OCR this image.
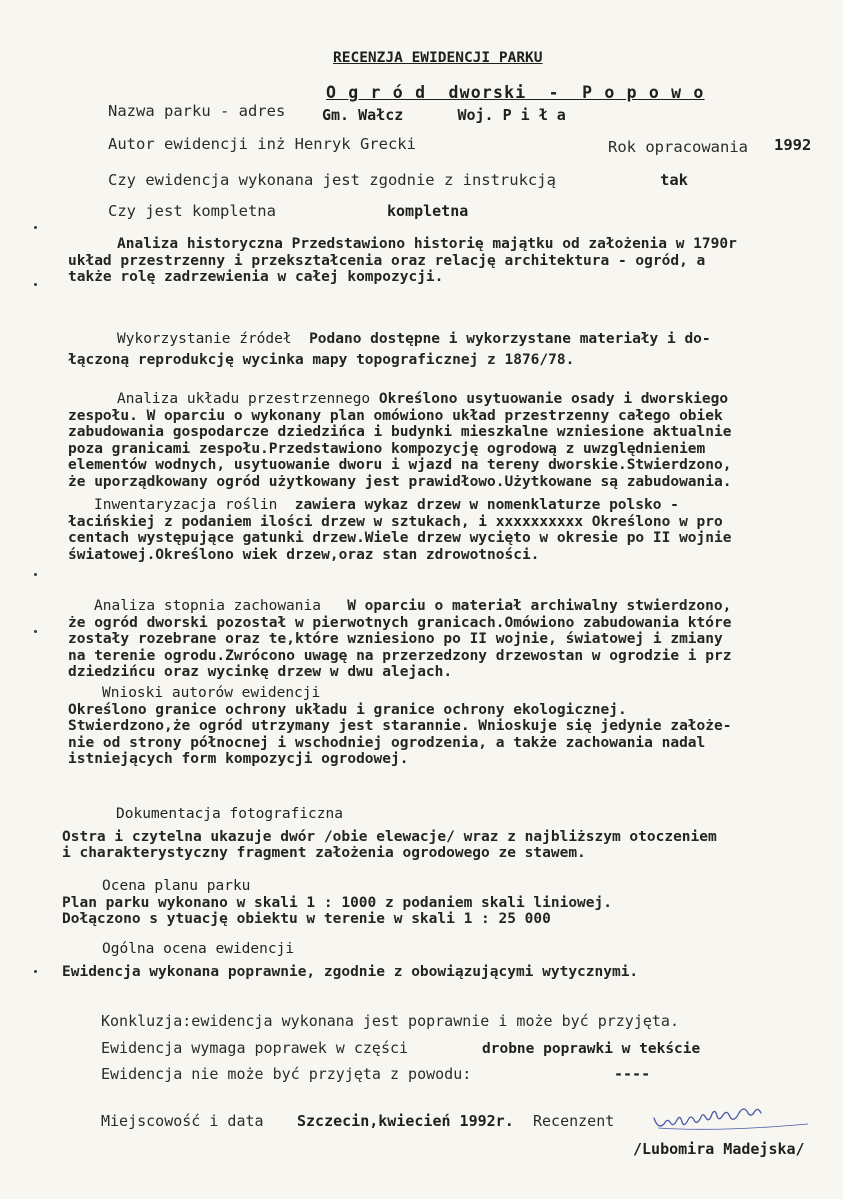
RECENZJA EWIDENCJI PARKU
O g r ó d  dworski  -  P o p o w o
Nazwa parku - adres Gm. Wałcz      Woj. P i ł a
Autor ewidencji inż Henryk Grecki	Rok opracowania 1992
Czy ewidencja wykonana jest zgodnie z instrukcją	tak
Czy jest kompletna	kompletna
Analiza historyczna Przedstawiono historię majątku od założenia w 1790r
układ przestrzenny i przekształcenia oraz relację architektura - ogród, a
także rolę zadrzewienia w całej kompozycji.
Wykorzystanie źródeł Podano dostępne i wykorzystane materiały i do-
łączoną reprodukcję wycinka mapy topograficznej z 1876/78.
Analiza układu przestrzennego Określono usytuowanie osady i dworskiego
zespołu. W oparciu o wykonany plan omówiono układ przestrzenny całego obiek
zabudowania gospodarcze dziedzińca i budynki mieszkalne wzniesione aktualnie
poza granicami zespołu.Przedstawiono kompozycję ogrodową z uwzględnieniem
elementów wodnych, usytuowanie dworu i wjazd na tereny dworskie.Stwierdzono,
że uporządkowany ogród użytkowany jest prawidłowo.Użytkowane są zabudowania.
Inwentaryzacja roślin zawiera wykaz drzew w nomenklaturze polsko -
łacińskiej z podaniem ilości drzew w sztukach, i xxxxxxxxxx Określono w pro
centach występujące gatunki drzew.Wiele drzew wycięto w okresie po II wojnie
światowej.Określono wiek drzew,oraz stan zdrowotności.
Analiza stopnia zachowania W oparciu o materiał archiwalny stwierdzono,
że ogród dworski pozostał w pierwotnych granicach.Omówiono zabudowania które
zostały rozebrane oraz te,które wzniesiono po II wojnie, światowej i zmiany
na terenie ogrodu.Zwrócono uwagę na przerzedzony drzewostan w ogrodzie i prz
dziedzińcu oraz wycinkę drzew w dwu alejach.
Wnioski autorów ewidencji
Określono granice ochrony układu i granice ochrony ekologicznej.
Stwierdzono,że ogród utrzymany jest starannie. Wnioskuje się jedynie założe-
nie od strony północnej i wschodniej ogrodzenia, a także zachowania nadal
istniejących form kompozycji ogrodowej.
Dokumentacja fotograficzna
Ostra i czytelna ukazuje dwór /obie elewacje/ wraz z najbliższym otoczeniem
i charakterystyczny fragment założenia ogrodowego ze stawem.
Ocena planu parku
Plan parku wykonano w skali 1 : 1000 z podaniem skali liniowej.
Dołączono s ytuację obiektu w terenie w skali 1 : 25 000
Ogólna ocena ewidencji
Ewidencja wykonana poprawnie, zgodnie z obowiązującymi wytycznymi.
Konkluzja:ewidencja wykonana jest poprawnie i może być przyjęta.
Ewidencja wymaga poprawek w części	drobne poprawki w tekście
Ewidencja nie może być przyjęta z powodu:	----
Miejscowość i data Szczecin,kwiecień 1992r. Recenzent
/Lubomira Madejska/
